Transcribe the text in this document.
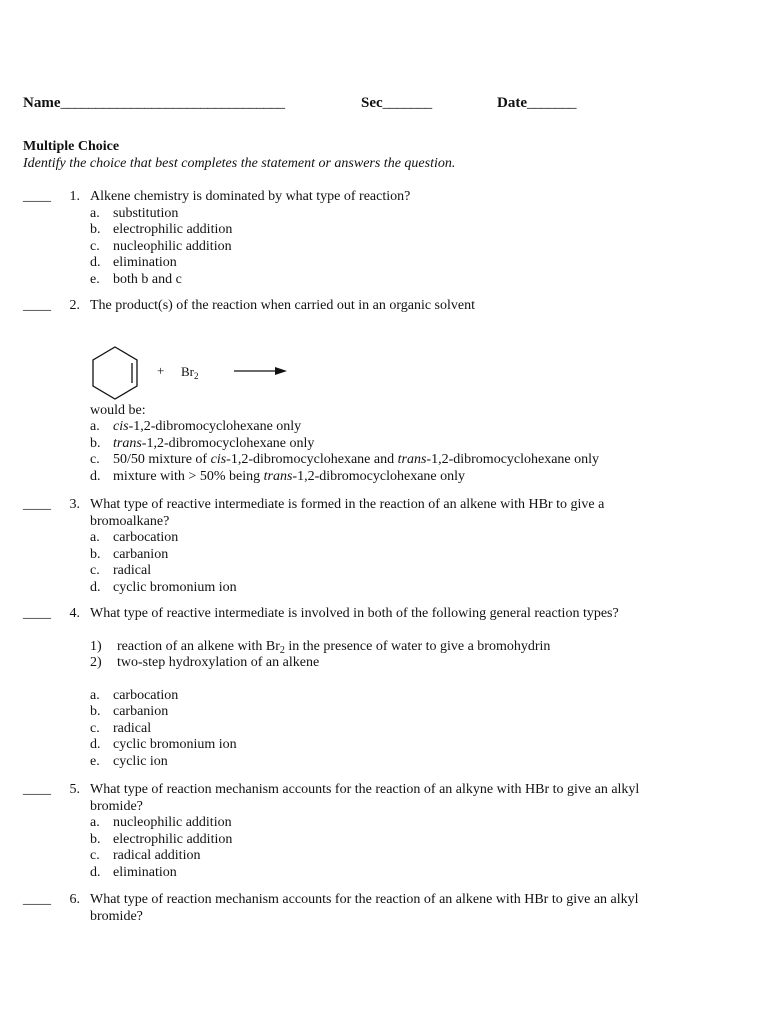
Name________________________________	Sec_______	Date_______
Multiple Choice
Identify the choice that best completes the statement or answers the question.
____ 1. Alkene chemistry is dominated by what type of reaction?
a. substitution
b. electrophilic addition
c. nucleophilic addition
d. elimination
e. both b and c
____ 2. The product(s) of the reaction when carried out in an organic solvent
+ $Br_2$
would be:
a. cis-1,2-dibromocyclohexane only
b. trans-1,2-dibromocyclohexane only
c. 50/50 mixture of cis-1,2-dibromocyclohexane and trans-1,2-dibromocyclohexane only
d. mixture with > 50% being trans-1,2-dibromocyclohexane only
____ 3. What type of reactive intermediate is formed in the reaction of an alkene with HBr to give a bromoalkane?
a. carbocation
b. carbanion
c. radical
d. cyclic bromonium ion
____ 4. What type of reactive intermediate is involved in both of the following general reaction types?
1) reaction of an alkene with $Br_2$ in the presence of water to give a bromohydrin
2) two-step hydroxylation of an alkene
a. carbocation
b. carbanion
c. radical
d. cyclic bromonium ion
e. cyclic ion
____ 5. What type of reaction mechanism accounts for the reaction of an alkyne with HBr to give an alkyl bromide?
a. nucleophilic addition
b. electrophilic addition
c. radical addition
d. elimination
____ 6. What type of reaction mechanism accounts for the reaction of an alkene with HBr to give an alkyl bromide?
